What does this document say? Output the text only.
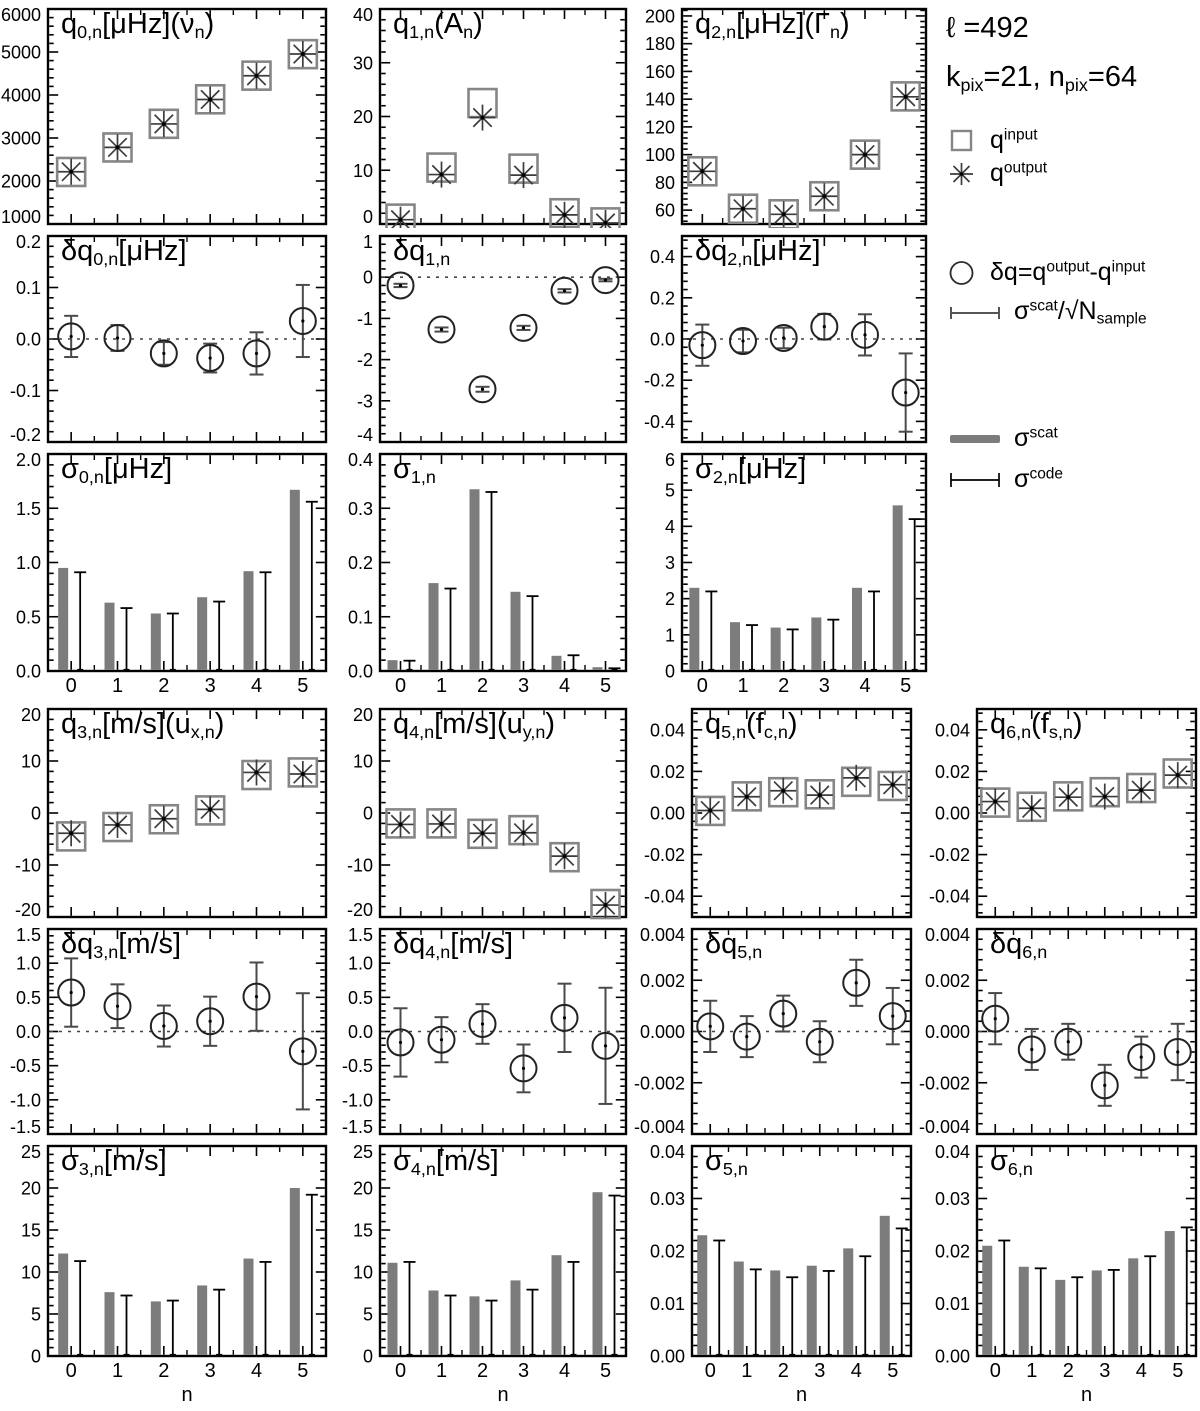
$q_{0,n}[\mu Hz](\nu_n)$
1000
2000
3000
4000
5000
6000
$\delta q_{0,n}[\mu Hz]$
-0.2
-0.1
0.0
0.1
0.2
$\sigma_{0,n}[\mu Hz]$
0.0
0.5
1.0
1.5
2.0
0 1 2 3 4 5
$q_{1,n}(A_n)$
0
10
20
30
40
$\delta q_{1,n}$
-4
-3
-2
-1
0
1
$\sigma_{1,n}$
0.0
0.1
0.2
0.3
0.4
0 1 2 3 4 5
$q_{2,n}[\mu Hz](\Gamma_n)$
60
80
100
120
140
160
180
200
$\delta q_{2,n}[\mu Hz]$
-0.4
-0.2
0.0
0.2
0.4
$\sigma_{2,n}[\mu Hz]$
0
1
2
3
4
5
6
0 1 2 3 4 5
ℓ =492
$k_{pix}=21$, $n_{pix}=64$
$q^{input}$
$q^{output}$
$\delta q=q^{output}-q^{input}$
$\sigma^{scat}/√N_{sample}$
$\sigma^{scat}$
$\sigma^{code}$
$q_{3,n}[m/s](u_{x,n})$
-20
-10
0
10
20
$\delta q_{3,n}[m/s]$
-1.5
-1.0
-0.5
0.0
0.5
1.0
1.5
$\sigma_{3,n}[m/s]$
0
5
10
15
20
25
0 1 2 3 4 5
n
$q_{4,n}[m/s](u_{y,n})$
-20
-10
0
10
20
$\delta q_{4,n}[m/s]$
-1.5
-1.0
-0.5
0.0
0.5
1.0
1.5
$\sigma_{4,n}[m/s]$
0
5
10
15
20
25
0 1 2 3 4 5
n
$q_{5,n}(f_{c,n})$
-0.04
-0.02
0.00
0.02
0.04
$\delta q_{5,n}$
-0.004
-0.002
0.000
0.002
0.004
$\sigma_{5,n}$
0.00
0.01
0.02
0.03
0.04
0 1 2 3 4 5
n
$q_{6,n}(f_{s,n})$
-0.04
-0.02
0.00
0.02
0.04
$\delta q_{6,n}$
-0.004
-0.002
0.000
0.002
0.004
$\sigma_{6,n}$
0.00
0.01
0.02
0.03
0.04
0 1 2 3 4 5
n
